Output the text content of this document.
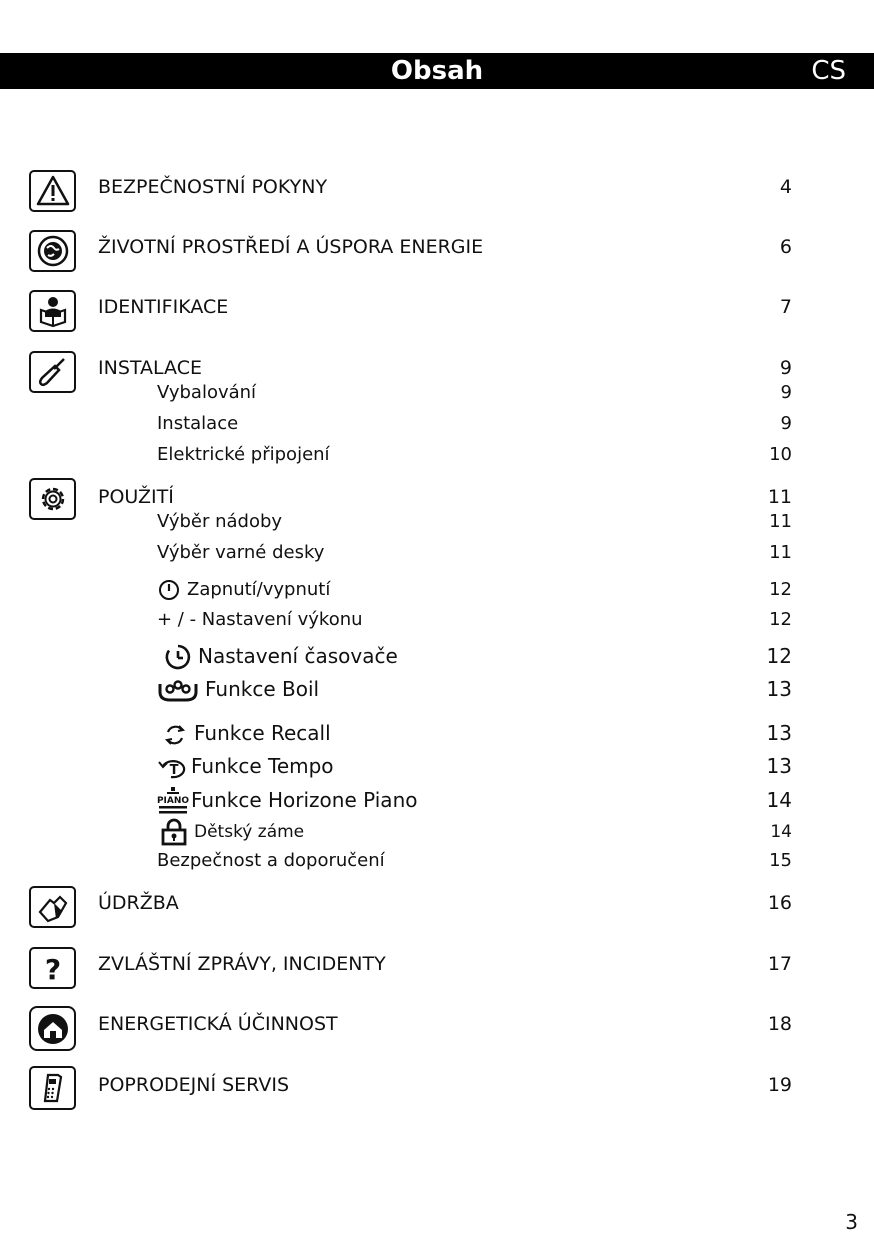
Obsah	CS
?
BEZPEČNOSTNÍ POKYNY	4
ŽIVOTNÍ PROSTŘEDÍ A ÚSPORA ENERGIE	6
IDENTIFIKACE	7
INSTALACE	9
Vybalování	9
Instalace	9
Elektrické připojení	10
POUŽITÍ	11
Výběr nádoby	11
Výběr varné desky	11
Zapnutí/vypnutí	12
+ / - Nastavení výkonu	12
Nastavení časovače	12
Funkce Boil	13
Funkce Recall	13
T Funkce Tempo	13
PIANO Funkce Horizone Piano	14
Dětský záme	14
Bezpečnost a doporučení	15
ÚDRŽBA	16
ZVLÁŠTNÍ ZPRÁVY, INCIDENTY	17
ENERGETICKÁ ÚČINNOST	18
POPRODEJNÍ SERVIS	19
3
